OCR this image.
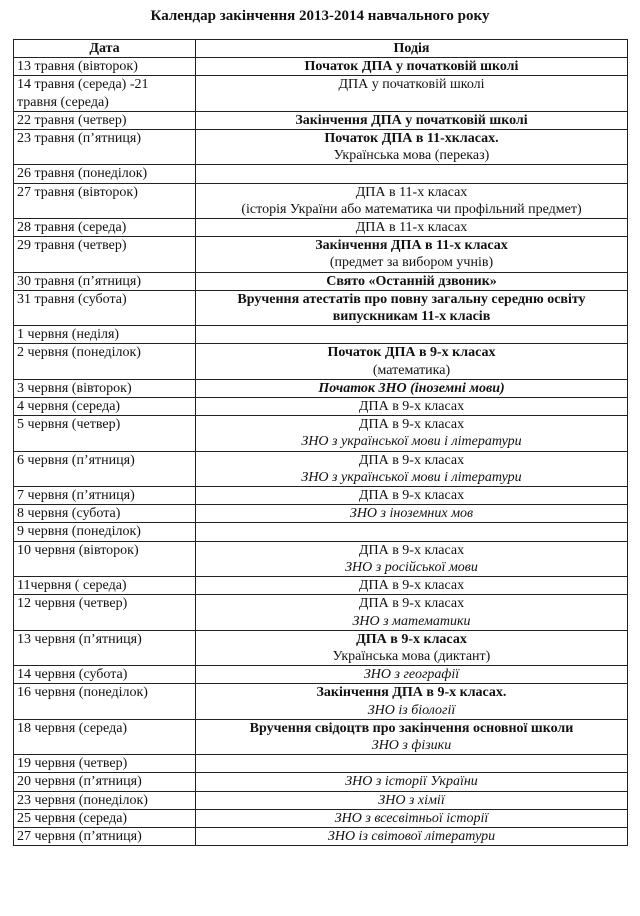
Календар закінчення 2013-2014 навчального року
Дата	Подія
13 травня (вівторок)	Початок ДПА у початковій школі

14 травня (середа) -21 травня (середа)	ДПА у початковій школі

22 травня (четвер)	Закінчення ДПА у початковій школі

23 травня (п’ятниця)	Початок ДПА в 11-хкласах.
Українська мова (переказ)

26 травня (понеділок)	
27 травня (вівторок)	ДПА в 11-х класах
(історія України або математика чи профільний предмет)

28 травня (середа)	ДПА в 11-х класах

29 травня (четвер)	Закінчення ДПА в 11-х класах
(предмет за вибором учнів)

30 травня (п’ятниця)	Свято «Останній дзвоник»

31 травня (субота)	Вручення атестатів про повну загальну середню освіту
випускникам 11-х класів

1 червня (неділя)	
2 червня (понеділок)	Початок ДПА в 9-х класах
(математика)

3 червня (вівторок)	Початок ЗНО (іноземні мови)

4 червня (середа)	ДПА в 9-х класах

5 червня (четвер)	ДПА в 9-х класах
ЗНО з української мови і літератури

6 червня (п’ятниця)	ДПА в 9-х класах
ЗНО з української мови і літератури

7 червня (п’ятниця)	ДПА в 9-х класах

8 червня (субота)	ЗНО з іноземних мов

9 червня (понеділок)	
10 червня (вівторок)	ДПА в 9-х класах
ЗНО з російської мови

11червня ( середа)	ДПА в 9-х класах

12 червня (четвер)	ДПА в 9-х класах
ЗНО з математики

13 червня (п’ятниця)	ДПА в 9-х класах
Українська мова (диктант)

14 червня (субота)	ЗНО з географії

16 червня (понеділок)	Закінчення ДПА в 9-х класах.
ЗНО із біології

18 червня (середа)	Вручення свідоцтв про закінчення основної школи
ЗНО з фізики

19 червня (четвер)	
20 червня (п’ятниця)	ЗНО з історії України

23 червня (понеділок)	ЗНО з хімії

25 червня (середа)	ЗНО з всесвітньої історії

27 червня (п’ятниця)	ЗНО із світової літератури
